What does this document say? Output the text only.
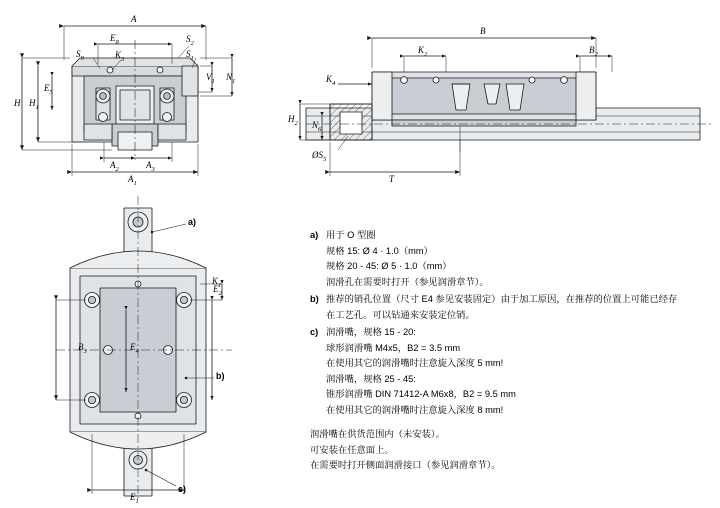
A
$E_8$	$S_2$
$S_1$
$S_9$	$K_3$
$E_5$
H $H_1$
$V_1$ $N_1$
$A_2$	$A_3$
$A_1$
B
$K_2$	$B_2$
$K_4$
$H_2$ $N_6$
$ØS_5$
T
$K_1$
$E_2$
$B_3$	$E_4$
$E_1$
a)
b)
c)
a) 用于 O 型圈
规格 15: Ø 4 · 1.0（mm）
规格 20 - 45: Ø 5 · 1.0（mm）
润滑孔在需要时打开（参见润滑章节）。
b) 推荐的销孔位置（尺寸 E4 参见安装固定）由于加工原因，在推荐的位置上可能已经存
在工艺孔。可以钻通来安装定位销。
c) 润滑嘴，规格 15 - 20:
球形润滑嘴 M4x5，B2 = 3.5 mm
在使用其它的润滑嘴时注意旋入深度 5 mm!
润滑嘴，规格 25 - 45:
锥形润滑嘴 DIN 71412-A M6x8，B2 = 9.5 mm
在使用其它的润滑嘴时注意旋入深度 8 mm!
润滑嘴在供货范围内（未安装）。
可安装在任意面上。
在需要时打开侧面润滑接口（参见润滑章节）。
